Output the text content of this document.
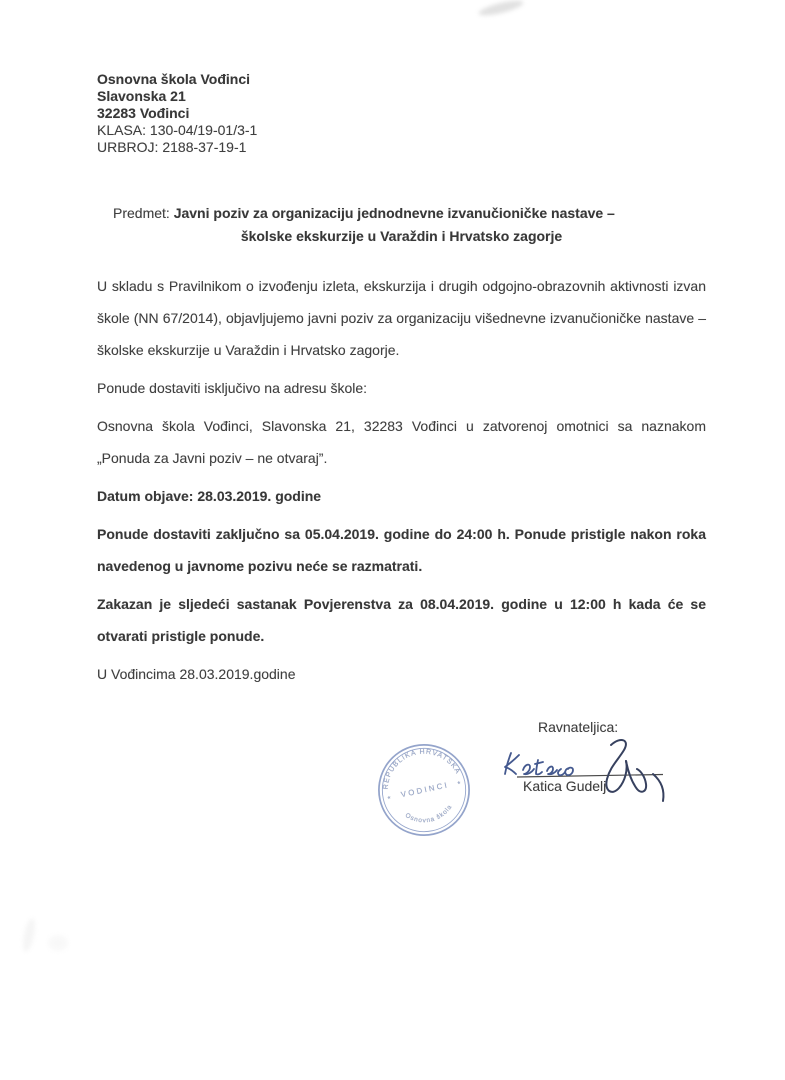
Osnovna škola Vođinci
Slavonska 21
32283 Vođinci
KLASA: 130-04/19-01/3-1
URBROJ: 2188-37-19-1
Predmet: Javni poziv za organizaciju jednodnevne izvanučioničke nastave –
školske ekskurzije u Varaždin i Hrvatsko zagorje

U skladu s Pravilnikom o izvođenju izleta, ekskurzija i drugih odgojno-obrazovnih aktivnosti izvan škole (NN 67/2014), objavljujemo javni poziv za organizaciju višednevne izvanučioničke nastave – školske ekskurzije u Varaždin i Hrvatsko zagorje.

Ponude dostaviti isključivo na adresu škole:

Osnovna škola Vođinci, Slavonska 21, 32283 Vođinci u zatvorenoj omotnici sa naznakom „Ponuda za Javni poziv – ne otvaraj”.

Datum objave: 28.03.2019. godine

Ponude dostaviti zaključno sa 05.04.2019. godine do 24:00 h. Ponude pristigle nakon roka navedenog u javnome pozivu neće se razmatrati.

Zakazan je sljedeći sastanak Povjerenstva za 08.04.2019. godine u 12:00 h kada će se otvarati pristigle ponude.

U Vođincima 28.03.2019.godine

Ravnateljica:
Katica Gudelj
REPUBLIKA HRVATSKA
Osnovna škola
VODINCI
*
*
